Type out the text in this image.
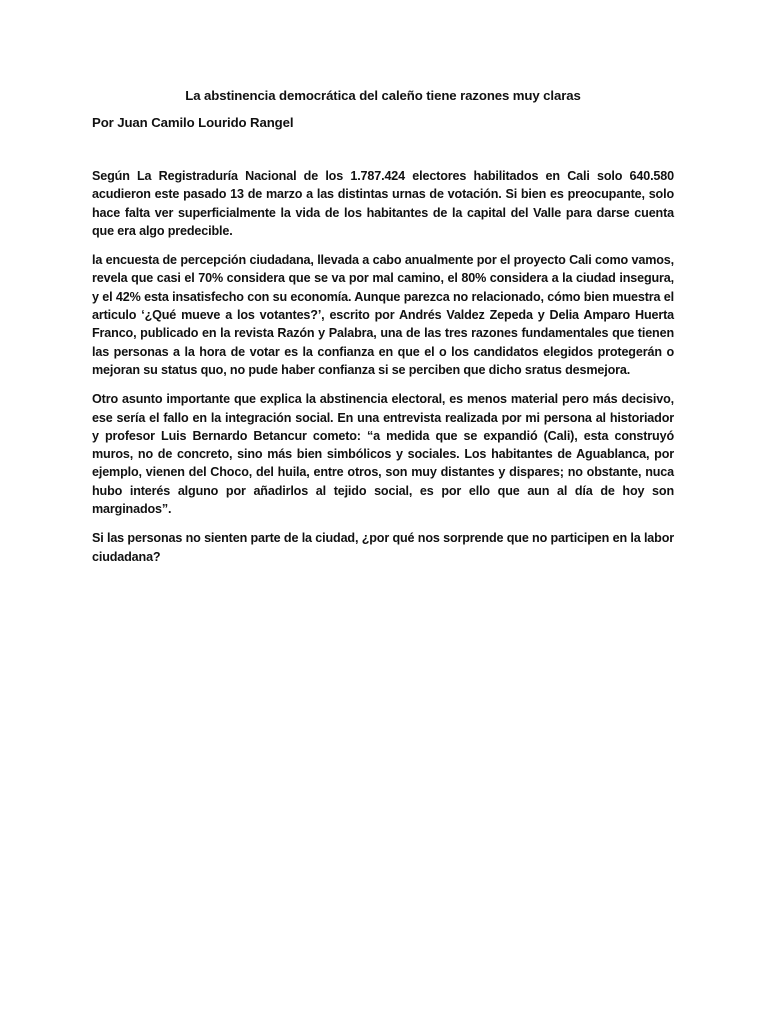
La abstinencia democrática del caleño tiene razones muy claras
Por Juan Camilo Lourido Rangel

Según La Registraduría Nacional de los 1.787.424 electores habilitados en Cali solo 640.580 acudieron este pasado 13 de marzo a las distintas urnas de votación. Si bien es preocupante, solo hace falta ver superficialmente la vida de los habitantes de la capital del Valle para darse cuenta que era algo predecible.

la encuesta de percepción ciudadana, llevada a cabo anualmente por el proyecto Cali como vamos, revela que casi el 70% considera que se va por mal camino, el 80% considera a la ciudad insegura, y el 42% esta insatisfecho con su economía. Aunque parezca no relacionado, cómo bien muestra el articulo ‘¿Qué mueve a los votantes?’, escrito por Andrés Valdez Zepeda y Delia Amparo Huerta Franco, publicado en la revista Razón y Palabra, una de las tres razones fundamentales que tienen las personas a la hora de votar es la confianza en que el o los candidatos elegidos protegerán o mejoran su status quo, no pude haber confianza si se perciben que dicho sratus desmejora.

Otro asunto importante que explica la abstinencia electoral, es menos material pero más decisivo, ese sería el fallo en la integración social. En una entrevista realizada por mi persona al historiador y profesor Luis Bernardo Betancur cometo: “a medida que se expandió (Cali), esta construyó muros, no de concreto, sino más bien simbólicos y sociales. Los habitantes de Aguablanca, por ejemplo, vienen del Choco, del huila, entre otros, son muy distantes y dispares; no obstante, nuca hubo interés alguno por añadirlos al tejido social, es por ello que aun al día de hoy son marginados”.

Si las personas no sienten parte de la ciudad, ¿por qué nos sorprende que no participen en la labor ciudadana?
